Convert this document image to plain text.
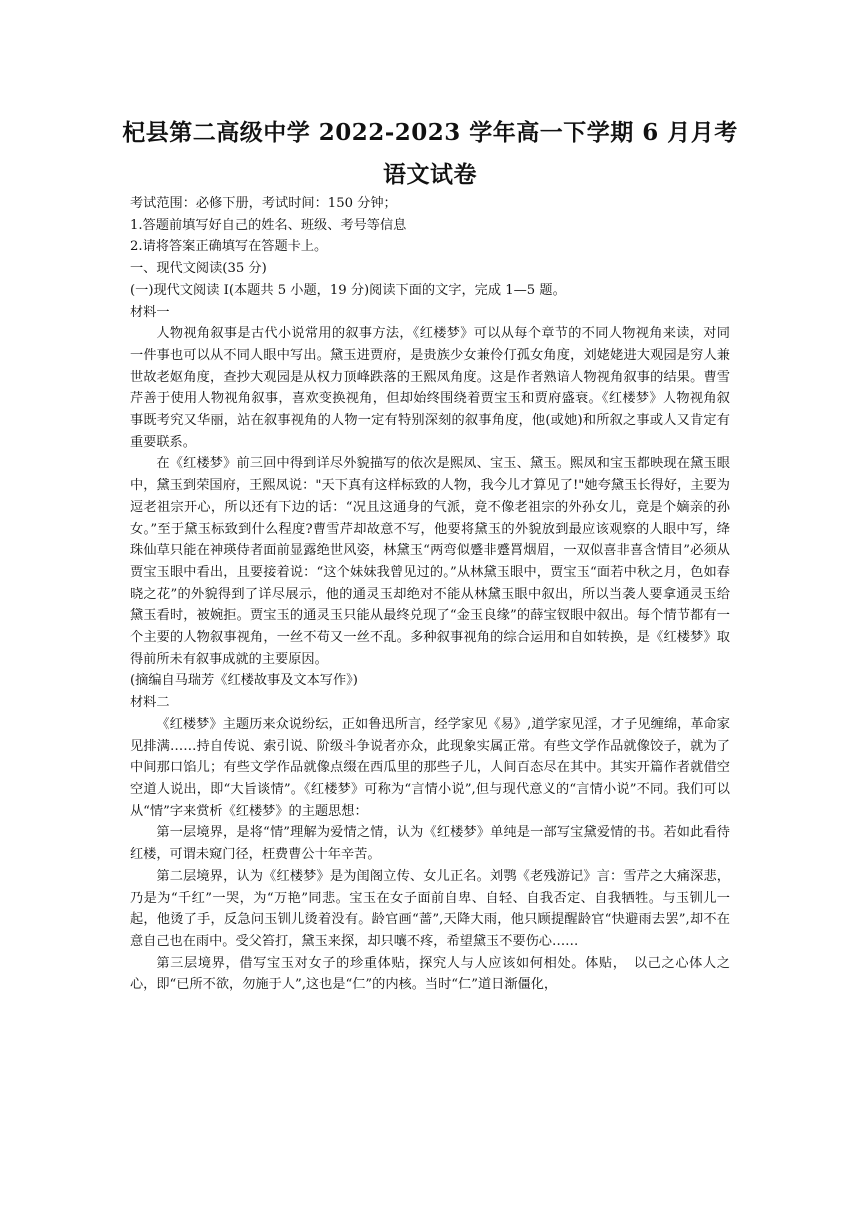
杞县第二高级中学 2022-2023 学年高一下学期 6 月月考
语文试卷

考试范围：必修下册，考试时间：150 分钟；

1.答题前填写好自己的姓名、班级、考号等信息

2.请将答案正确填写在答题卡上。

一、现代文阅读(35 分)

(一)现代文阅读 I(本题共 5 小题，19 分)阅读下面的文字，完成 1—5 题。

材料一

人物视角叙事是古代小说常用的叙事方法，《红楼梦》可以从每个章节的不同人物视角来读，对同一件事也可以从不同人眼中写出。黛玉进贾府，是贵族少女兼伶仃孤女角度，刘姥姥进大观园是穷人兼世故老妪角度，查抄大观园是从权力顶峰跌落的王熙凤角度。这是作者熟谙人物视角叙事的结果。曹雪芹善于使用人物视角叙事，喜欢变换视角，但却始终围绕着贾宝玉和贾府盛衰。《红楼梦》人物视角叙事既考究又华丽，站在叙事视角的人物一定有特别深刻的叙事角度，他(或她)和所叙之事或人又肯定有重要联系。

在《红楼梦》前三回中得到详尽外貌描写的依次是熙凤、宝玉、黛玉。熙凤和宝玉都映现在黛玉眼中，黛玉到荣国府，王熙凤说："天下真有这样标致的人物，我今儿才算见了!"她夸黛玉长得好，主要为逗老祖宗开心，所以还有下边的话：“况且这通身的气派，竟不像老祖宗的外孙女儿，竟是个嫡亲的孙女。”至于黛玉标致到什么程度?曹雪芹却故意不写，他要将黛玉的外貌放到最应该观察的人眼中写，绛珠仙草只能在神瑛侍者面前显露绝世风姿，林黛玉“两弯似蹙非蹙罥烟眉，一双似喜非喜含情目”必须从贾宝玉眼中看出，且要接着说：“这个妹妹我曾见过的。”从林黛玉眼中，贾宝玉“面若中秋之月，色如春晓之花”的外貌得到了详尽展示，他的通灵玉却绝对不能从林黛玉眼中叙出，所以当袭人要拿通灵玉给黛玉看时，被婉拒。贾宝玉的通灵玉只能从最终兑现了“金玉良缘”的薛宝钗眼中叙出。每个情节都有一个主要的人物叙事视角，一丝不苟又一丝不乱。多种叙事视角的综合运用和自如转换，是《红楼梦》取得前所未有叙事成就的主要原因。

(摘编自马瑞芳《红楼故事及文本写作》)

材料二

《红楼梦》主题历来众说纷纭，正如鲁迅所言，经学家见《易》,道学家见淫，才子见缠绵，革命家见排满……持自传说、索引说、阶级斗争说者亦众，此现象实属正常。有些文学作品就像饺子，就为了中间那口馅儿；有些文学作品就像点缀在西瓜里的那些子儿，人间百态尽在其中。其实开篇作者就借空空道人说出，即“大旨谈情”。《红楼梦》可称为“言情小说”,但与现代意义的“言情小说”不同。我们可以从“情”字来赏析《红楼梦》的主题思想：

第一层境界，是将“情”理解为爱情之情，认为《红楼梦》单纯是一部写宝黛爱情的书。若如此看待红楼，可谓未窥门径，枉费曹公十年辛苦。

第二层境界，认为《红楼梦》是为闺阁立传、女儿正名。刘鹗《老残游记》言：雪芹之大痛深悲，乃是为“千红”一哭，为“万艳”同悲。宝玉在女子面前自卑、自轻、自我否定、自我牺牲。与玉钏儿一起，他烫了手，反急问玉钏儿烫着没有。龄官画“蔷”,天降大雨，他只顾提醒龄官“快避雨去罢”,却不在意自己也在雨中。受父笞打，黛玉来探，却只嚷不疼，希望黛玉不要伤心……

第三层境界，借写宝玉对女子的珍重体贴，探究人与人应该如何相处。体贴，　以己之心体人之心，即“已所不欲，勿施于人”,这也是“仁”的内核。当时“仁”道日渐僵化，
